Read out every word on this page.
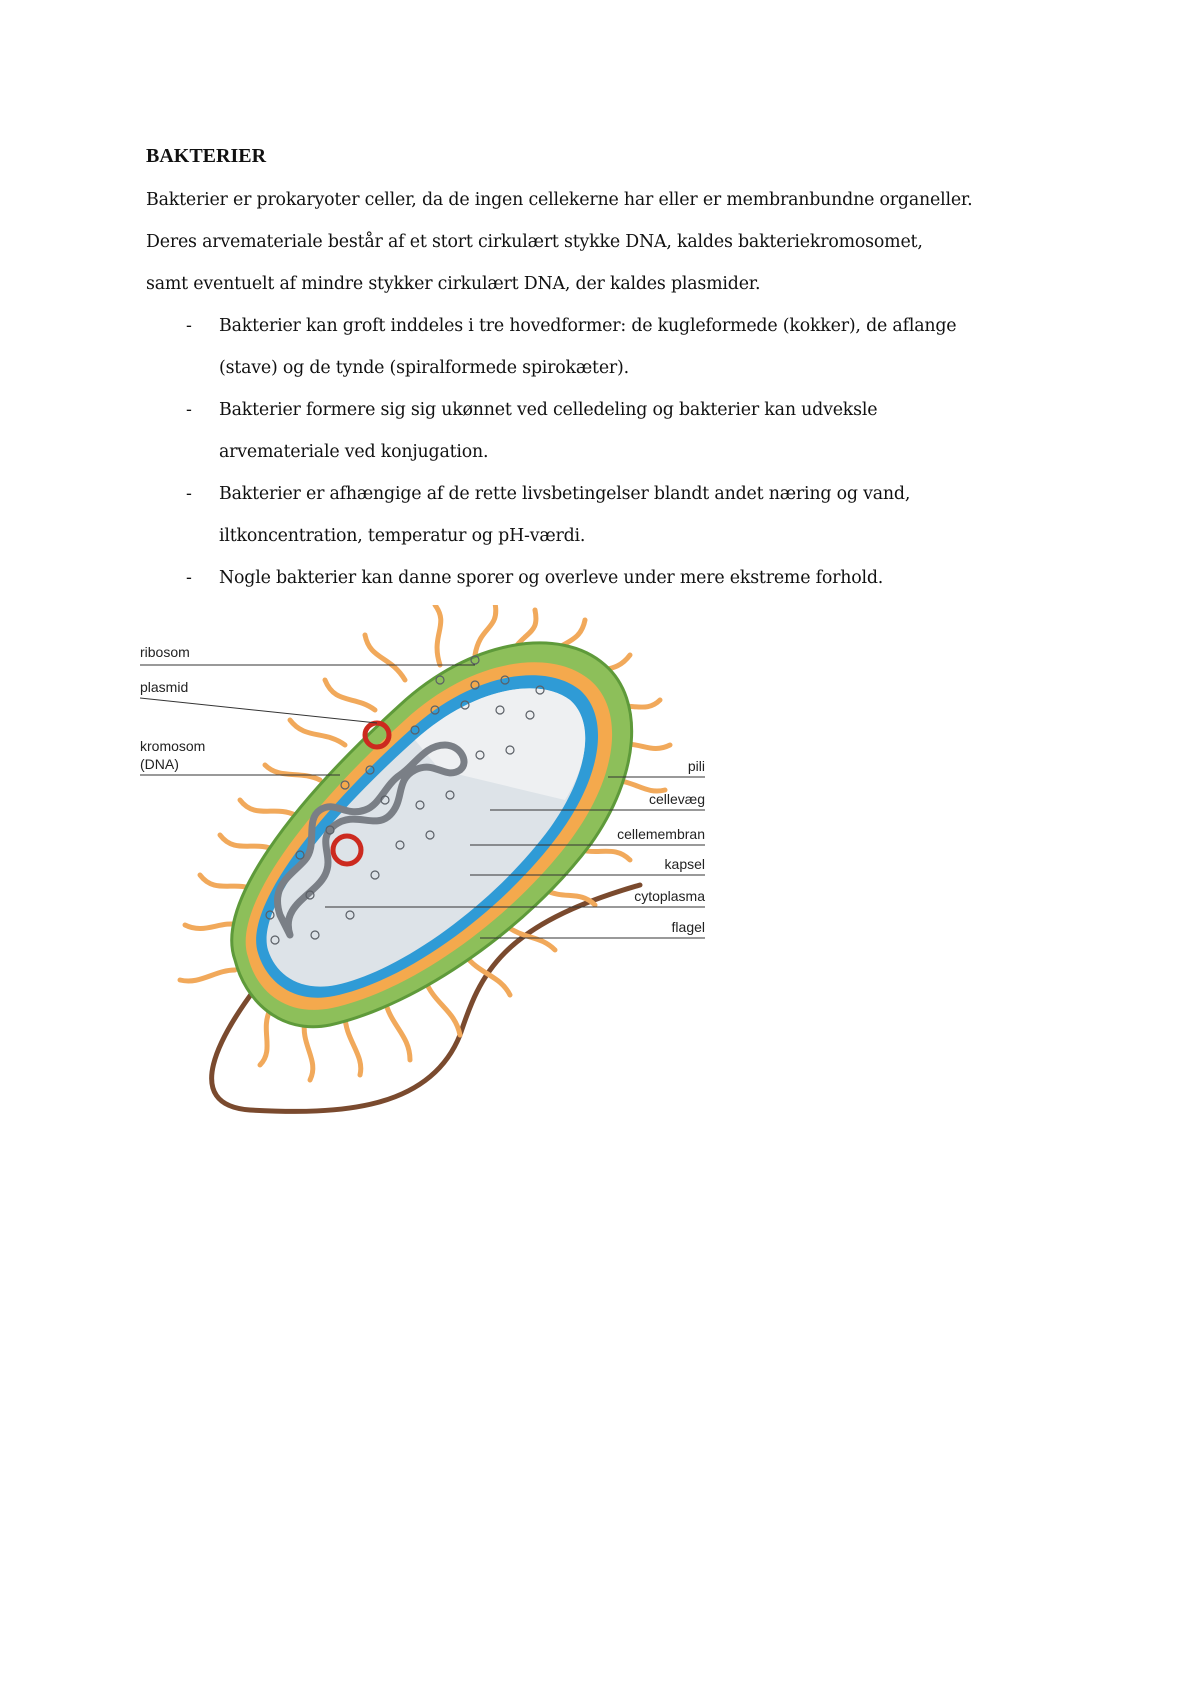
BAKTERIER
Bakterier er prokaryoter celler, da de ingen cellekerne har eller er membranbundne organeller.
Deres arvemateriale består af et stort cirkulært stykke DNA, kaldes bakteriekromosomet,
samt eventuelt af mindre stykker cirkulært DNA, der kaldes plasmider.
- Bakterier kan groft inddeles i tre hovedformer: de kugleformede (kokker), de aflange
(stave) og de tynde (spiralformede spirokæter).
- Bakterier formere sig sig ukønnet ved celledeling og bakterier kan udveksle
arvemateriale ved konjugation.
- Bakterier er afhængige af de rette livsbetingelser blandt andet næring og vand,
iltkoncentration, temperatur og pH-værdi.
- Nogle bakterier kan danne sporer og overleve under mere ekstreme forhold.
ribosom
plasmid
kromosom
(DNA)	pili
cellevæg
cellemembran
kapsel
cytoplasma
flagel
